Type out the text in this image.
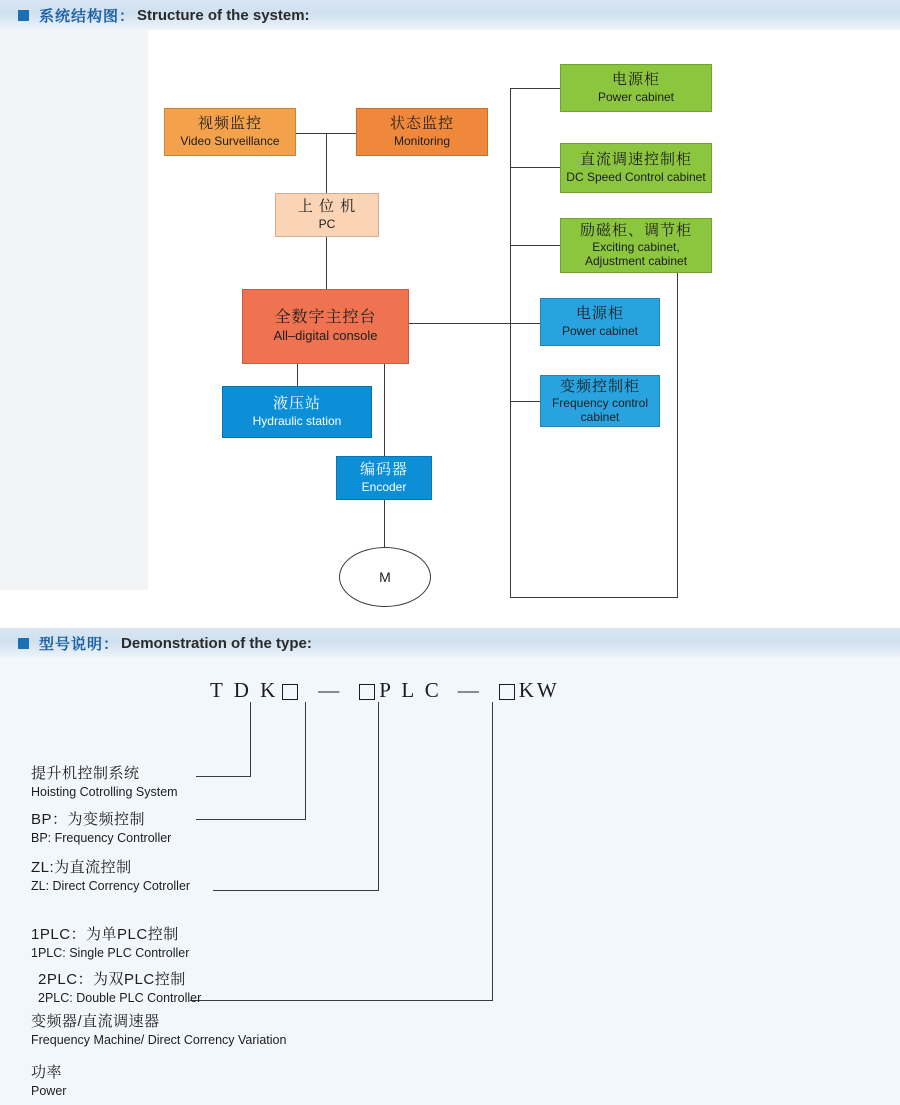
系统结构图： Structure of the system:
视频监控
Video Surveillance
状态监控
Monitoring
上 位 机
PC
全数字主控台
All–digital console
液压站
Hydraulic station
编码器
Encoder
电源柜
Power cabinet
直流调速控制柜
DC Speed Control cabinet
励磁柜、调节柜
Exciting cabinet, Adjustment cabinet
电源柜
Power cabinet
变频控制柜
Frequency control cabinet
M
型号说明： Demonstration of the type:
T D K — P L C — KW
提升机控制系统
Hoisting Cotrolling System
BP：为变频控制
BP: Frequency Controller
ZL:为直流控制
ZL: Direct Corrency Cotroller
1PLC：为单PLC控制
1PLC: Single PLC Controller
2PLC：为双PLC控制
2PLC: Double PLC Controller
变频器/直流调速器
Frequency Machine/ Direct Corrency Variation
功率
Power
